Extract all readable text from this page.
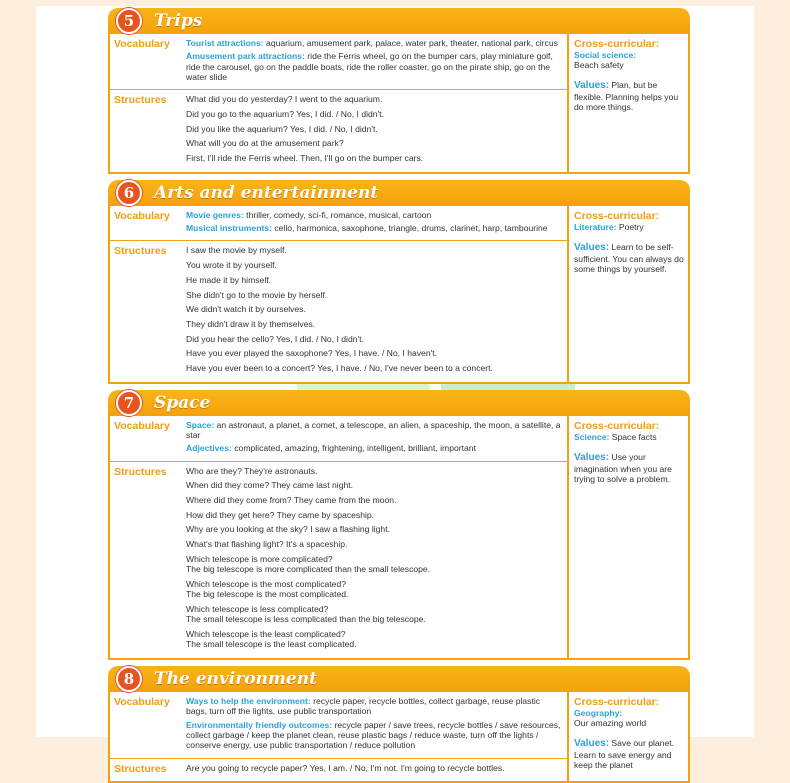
5	Trips
Vocabulary	Tourist attractions: aquarium, amusement park, palace, water park, theater, national park, circus
Amusement park attractions: ride the Ferris wheel, go on the bumper cars, play miniature golf, ride the carousel, go on the paddle boats, ride the roller coaster, go on the pirate ship, go on the water slide
Structures	What did you do yesterday? I went to the aquarium.
Did you go to the aquarium? Yes, I did. / No, I didn't.
Did you like the aquarium? Yes, I did. / No, I didn't.
What will you do at the amusement park?
First, I'll ride the Ferris wheel. Then, I'll go on the bumper cars.
Cross-curricular:
Social science:
Beach safety
Values: Plan, but be flexible. Planning helps you do more things.
6	Arts and entertainment
Vocabulary	Movie genres: thriller, comedy, sci-fi, romance, musical, cartoon
Musical instruments: cello, harmonica, saxophone, triangle, drums, clarinet, harp, tambourine
Structures	I saw the movie by myself.
You wrote it by yourself.
He made it by himself.
She didn't go to the movie by herself.
We didn't watch it by ourselves.
They didn't draw it by themselves.
Did you hear the cello? Yes, I did. / No, I didn't.
Have you ever played the saxophone? Yes, I have. / No, I haven't.
Have you ever been to a concert? Yes, I have. / No, I've never been to a concert.
Cross-curricular:
Literature: Poetry
Values: Learn to be self-sufficient. You can always do some things by yourself.
7	Space
Vocabulary	Space: an astronaut, a planet, a comet, a telescope, an alien, a spaceship, the moon, a satellite, a star
Adjectives: complicated, amazing, frightening, intelligent, brilliant, important
Structures	Who are they? They're astronauts.
When did they come? They came last night.
Where did they come from? They came from the moon.
How did they get here? They came by spaceship.
Why are you looking at the sky? I saw a flashing light.
What's that flashing light? It's a spaceship.
Which telescope is more complicated?
The big telescope is more complicated than the small telescope.
Which telescope is the most complicated?
The big telescope is the most complicated.
Which telescope is less complicated?
The small telescope is less complicated than the big telescope.
Which telescope is the least complicated?
The small telescope is the least complicated.
Cross-curricular:
Science: Space facts
Values: Use your imagination when you are trying to solve a problem.
8	The environment
Vocabulary	Ways to help the environment: recycle paper, recycle bottles, collect garbage, reuse plastic bags, turn off the lights, use public transportation
Environmentally friendly outcomes: recycle paper / save trees, recycle bottles / save resources, collect garbage / keep the planet clean, reuse plastic bags / reduce waste, turn off the lights / conserve energy, use public transportation / reduce pollution
Structures	Are you going to recycle paper? Yes, I am. / No, I'm not. I'm going to recycle bottles.
Cross-curricular:
Geography:
Our amazing world
Values: Save our planet. Learn to save energy and keep the planet
